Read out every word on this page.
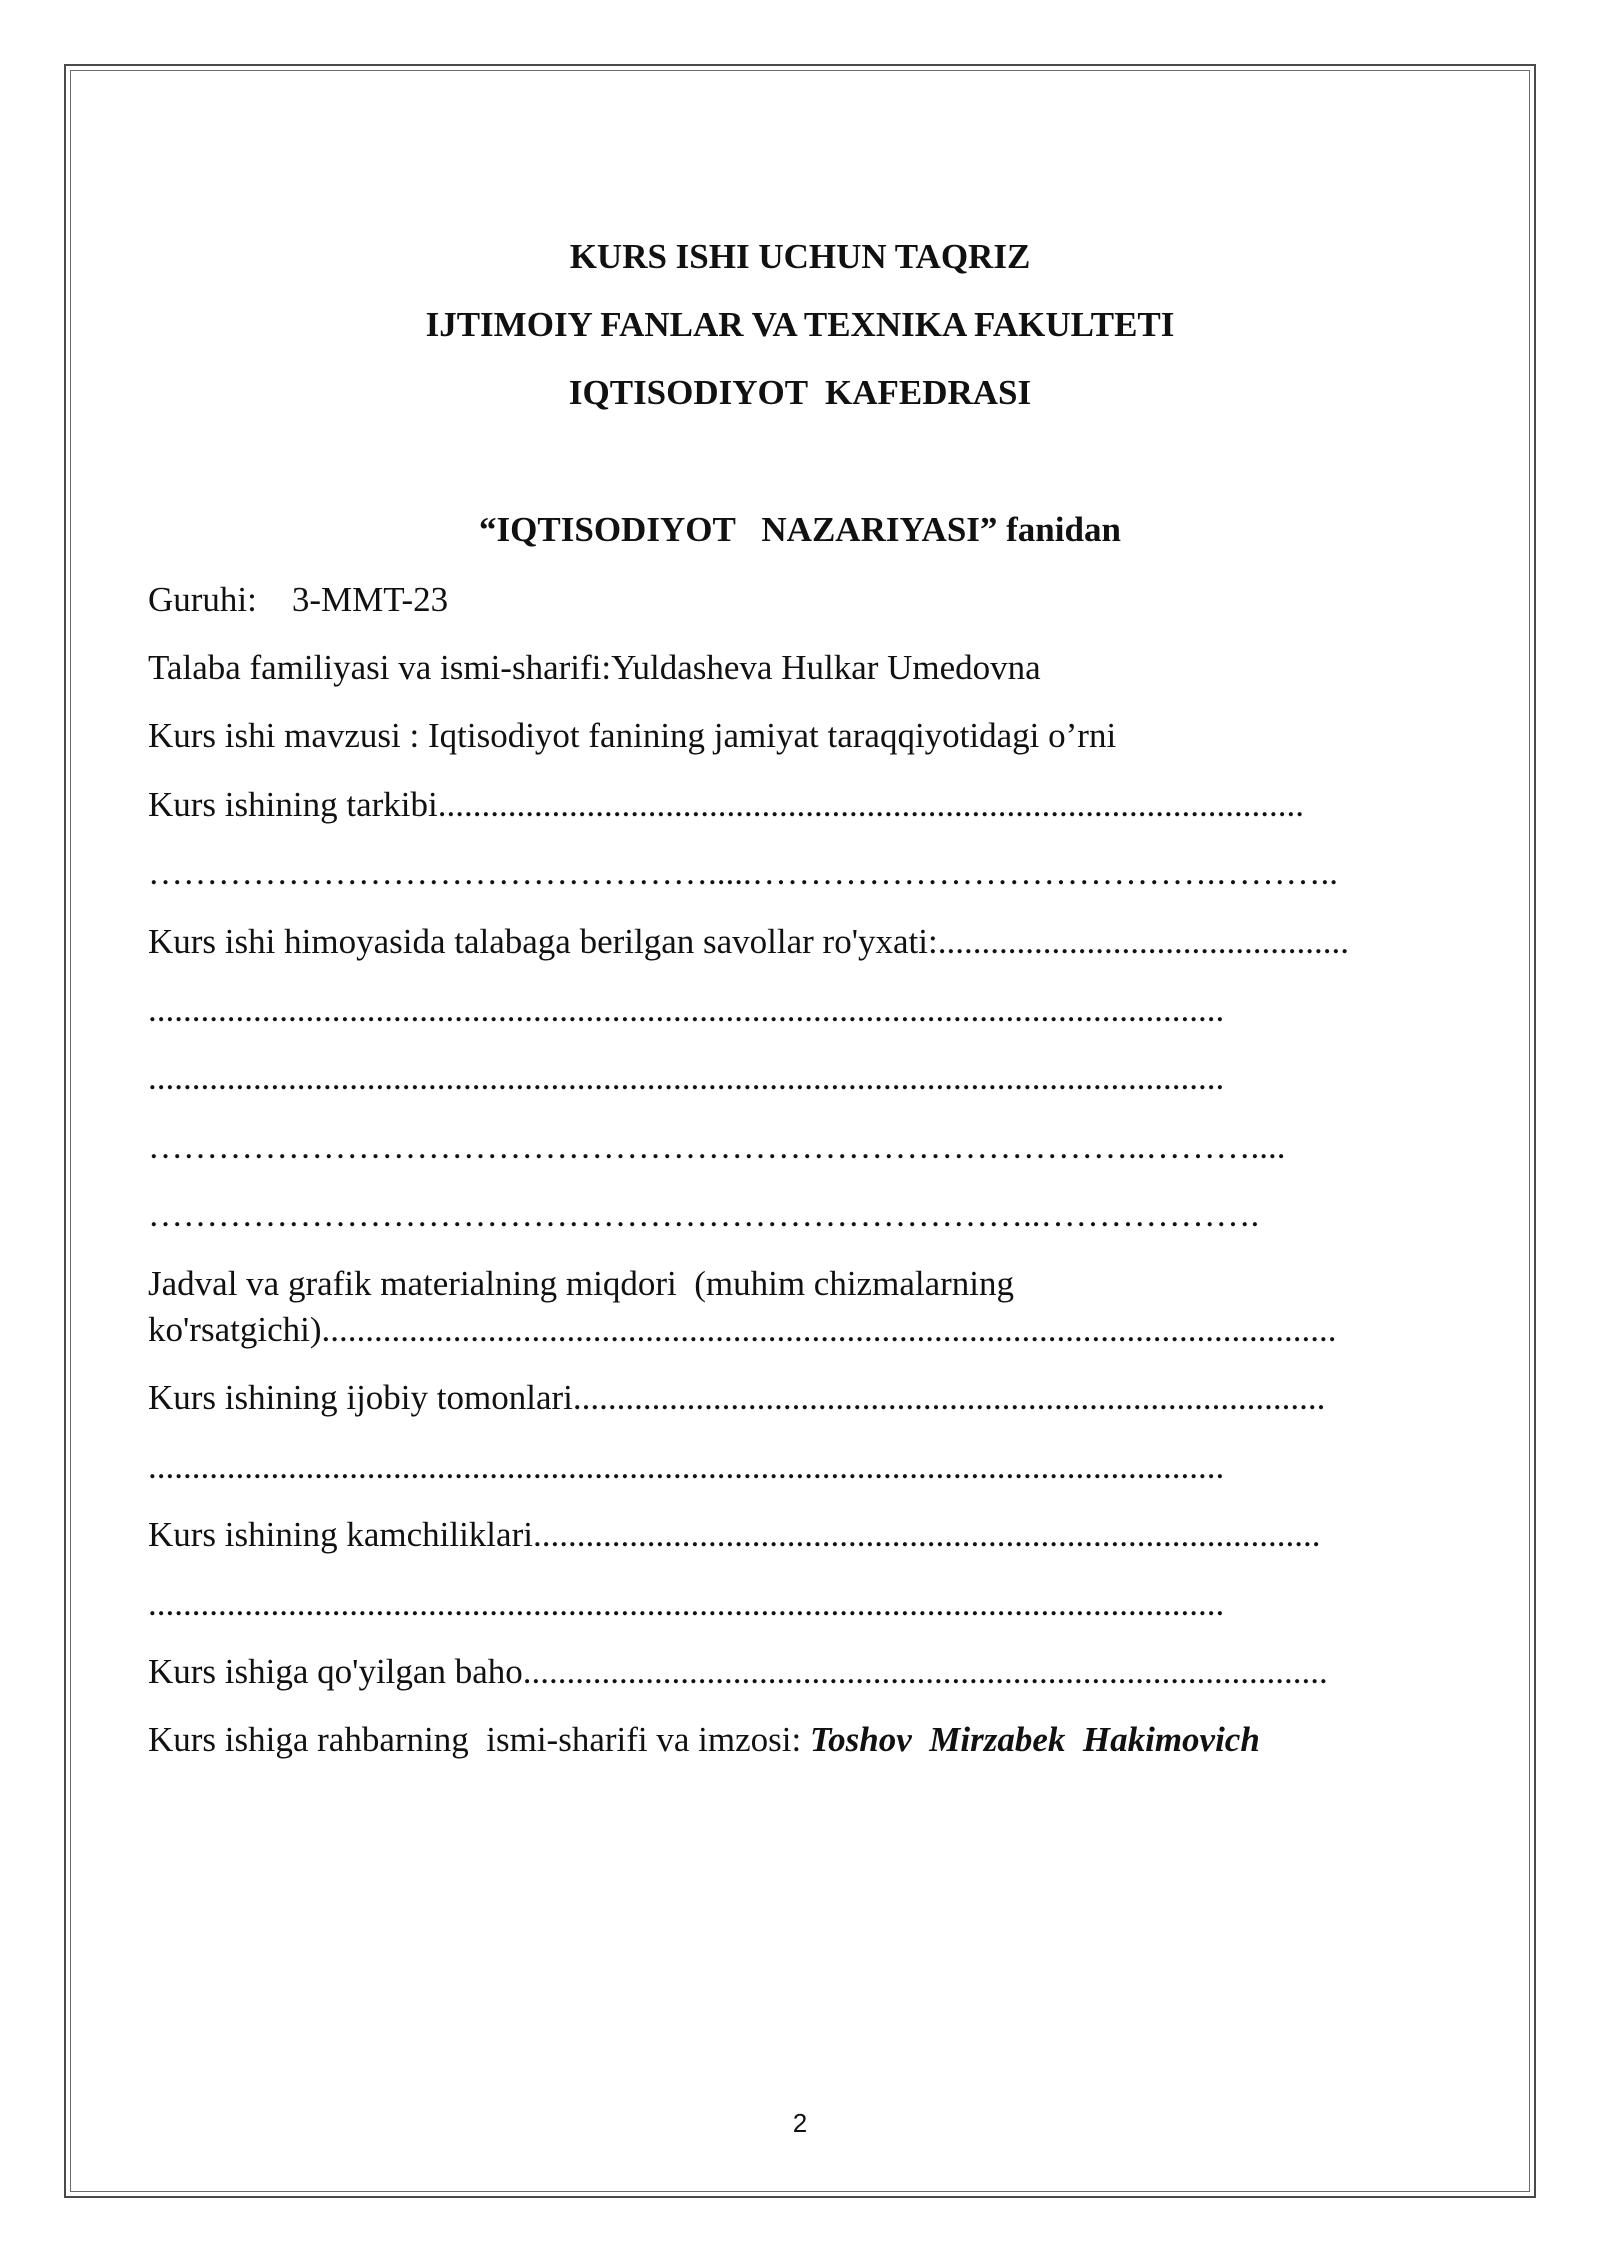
KURS ISHI UCHUN TAQRIZ
IJTIMOIY FANLAR VA TEXNIKA FAKULTETI
IQTISODIYOT  KAFEDRASI
“IQTISODIYOT   NAZARIYASI” fanidan
Guruhi:    3-MMT-23
Talaba familiyasi va ismi-sharifi:Yuldasheva Hulkar Umedovna
Kurs ishi mavzusi : Iqtisodiyot fanining jamiyat taraqqiyotidagi o’rni
Kurs ishining tarkibi...................................................................................................
………………………………………….....………………………………….………..
Kurs ishi himoyasida talabaga berilgan savollar ro'yxati:...............................................
...........................................................................................................................
...........................................................................................................................
…………………………………………………………………………..………....
…………………………………………………………………..……………….
Jadval va grafik materialning miqdori  (muhim chizmalarning
ko'rsatgichi)....................................................................................................................
Kurs ishining ijobiy tomonlari......................................................................................
...........................................................................................................................
Kurs ishining kamchiliklari..........................................................................................
...........................................................................................................................
Kurs ishiga qo'yilgan baho............................................................................................
Kurs ishiga rahbarning  ismi-sharifi va imzosi: Toshov  Mirzabek  Hakimovich
2
